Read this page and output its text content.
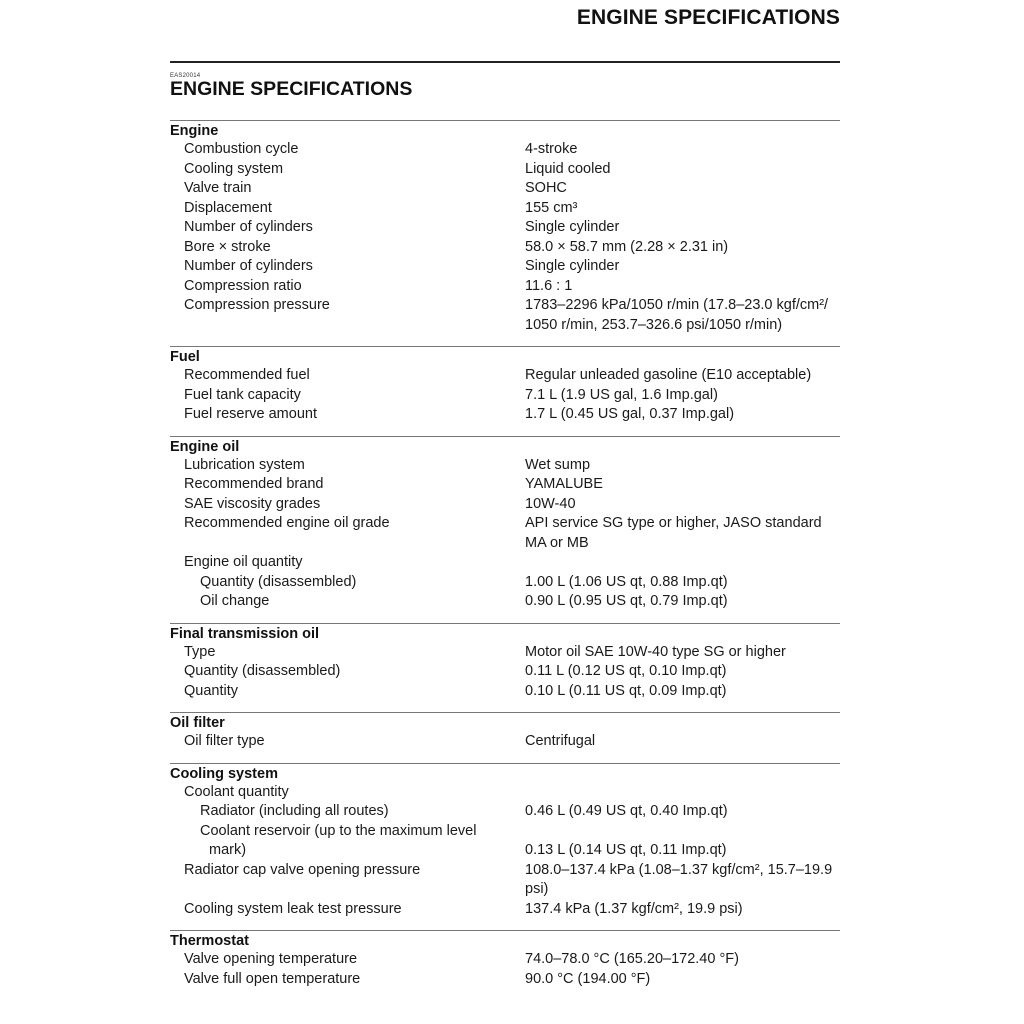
ENGINE SPECIFICATIONS
EAS20014
ENGINE SPECIFICATIONS
Engine
Combustion cycle	4-stroke
Cooling system	Liquid cooled
Valve train	SOHC
Displacement	155 cm³
Number of cylinders	Single cylinder
Bore × stroke	58.0 × 58.7 mm (2.28 × 2.31 in)
Number of cylinders	Single cylinder
Compression ratio	11.6 : 1
Compression pressure	1783–2296 kPa/1050 r/min (17.8–23.0 kgf/cm²/
1050 r/min, 253.7–326.6 psi/1050 r/min)
Fuel
Recommended fuel	Regular unleaded gasoline (E10 acceptable)
Fuel tank capacity	7.1 L (1.9 US gal, 1.6 Imp.gal)
Fuel reserve amount	1.7 L (0.45 US gal, 0.37 Imp.gal)
Engine oil
Lubrication system	Wet sump
Recommended brand	YAMALUBE
SAE viscosity grades	10W-40
Recommended engine oil grade	API service SG type or higher, JASO standard
MA or MB
Engine oil quantity
Quantity (disassembled)	1.00 L (1.06 US qt, 0.88 Imp.qt)
Oil change	0.90 L (0.95 US qt, 0.79 Imp.qt)
Final transmission oil
Type	Motor oil SAE 10W-40 type SG or higher
Quantity (disassembled)	0.11 L (0.12 US qt, 0.10 Imp.qt)
Quantity	0.10 L (0.11 US qt, 0.09 Imp.qt)
Oil filter
Oil filter type	Centrifugal
Cooling system
Coolant quantity
Radiator (including all routes)	0.46 L (0.49 US qt, 0.40 Imp.qt)
Coolant reservoir (up to the maximum level
mark)	0.13 L (0.14 US qt, 0.11 Imp.qt)
Radiator cap valve opening pressure	108.0–137.4 kPa (1.08–1.37 kgf/cm², 15.7–19.9
psi)
Cooling system leak test pressure	137.4 kPa (1.37 kgf/cm², 19.9 psi)
Thermostat
Valve opening temperature	74.0–78.0 °C (165.20–172.40 °F)
Valve full open temperature	90.0 °C (194.00 °F)
